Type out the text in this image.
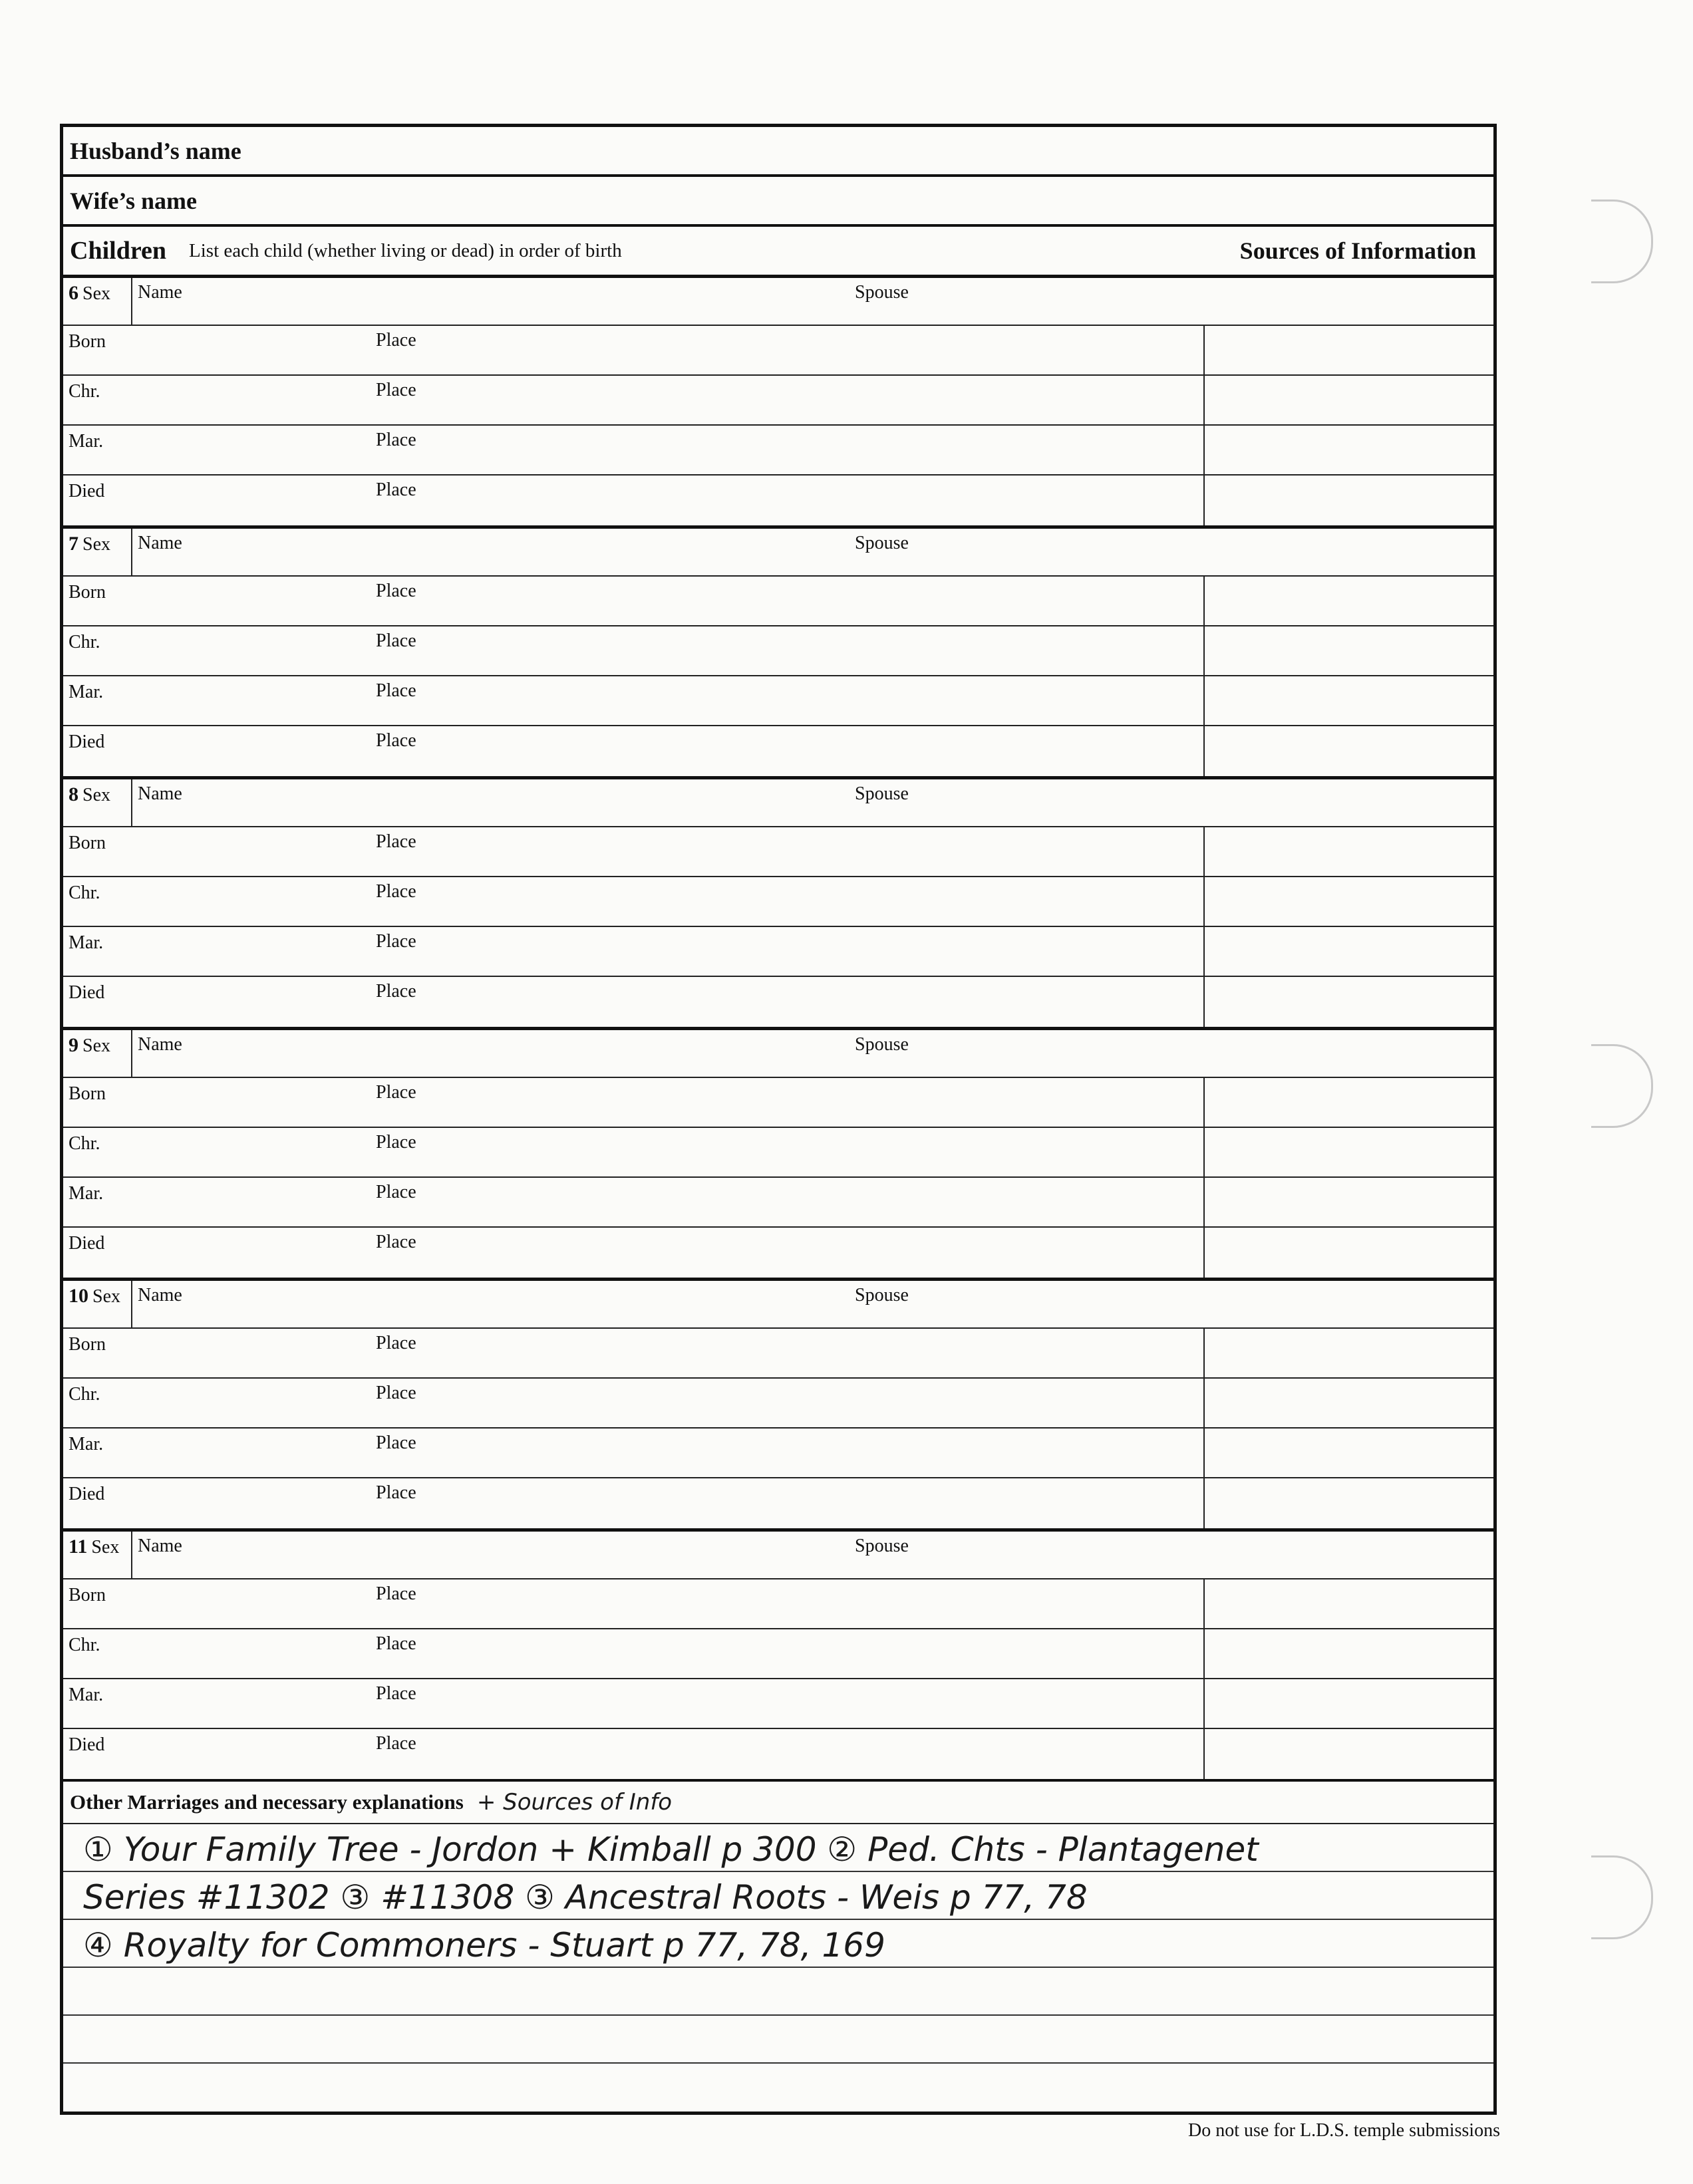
Husband’s name
Wife’s name
Children List each child (whether living or dead) in order of birth	Sources of Information
6 Sex	Name	Spouse
Born	Place
Chr.	Place
Mar.	Place
Died	Place
7 Sex	Name	Spouse
Born	Place
Chr.	Place
Mar.	Place
Died	Place
8 Sex	Name	Spouse
Born	Place
Chr.	Place
Mar.	Place
Died	Place
9 Sex	Name	Spouse
Born	Place
Chr.	Place
Mar.	Place
Died	Place
10 Sex Name	Spouse
Born	Place
Chr.	Place
Mar.	Place
Died	Place
11 Sex Name	Spouse
Born	Place
Chr.	Place
Mar.	Place
Died	Place
Other Marriages and necessary explanations + Sources of Info
① Your Family Tree - Jordon + Kimball p 300 ② Ped. Chts - Plantagenet
Series #11302 ③ #11308 ③ Ancestral Roots - Weis p 77, 78
④ Royalty for Commoners - Stuart p 77, 78, 169
Do not use for L.D.S. temple submissions
